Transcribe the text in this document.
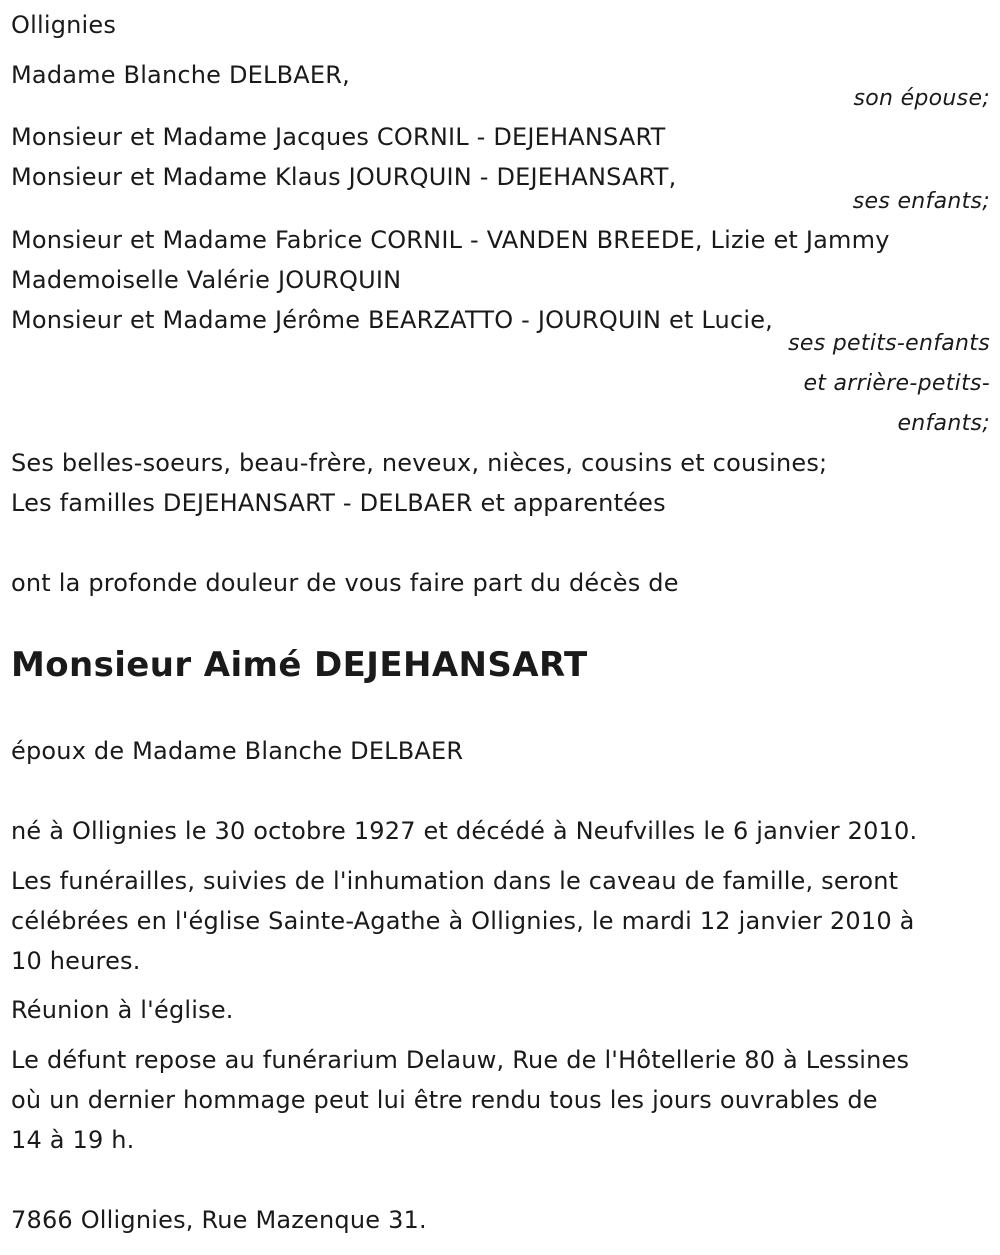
Ollignies
Madame Blanche DELBAER,
son épouse;
Monsieur et Madame Jacques CORNIL - DEJEHANSART
Monsieur et Madame Klaus JOURQUIN - DEJEHANSART,
ses enfants;
Monsieur et Madame Fabrice CORNIL - VANDEN BREEDE, Lizie et Jammy
Mademoiselle Valérie JOURQUIN
Monsieur et Madame Jérôme BEARZATTO - JOURQUIN et Lucie,
ses petits-enfants
et arrière-petits-
enfants;
Ses belles-soeurs, beau-frère, neveux, nièces, cousins et cousines;
Les familles DEJEHANSART - DELBAER et apparentées
ont la profonde douleur de vous faire part du décès de
Monsieur Aimé DEJEHANSART
époux de Madame Blanche DELBAER
né à Ollignies le 30 octobre 1927 et décédé à Neufvilles le 6 janvier 2010.
Les funérailles, suivies de l'inhumation dans le caveau de famille, seront
célébrées en l'église Sainte-Agathe à Ollignies, le mardi 12 janvier 2010 à
10 heures.
Réunion à l'église.
Le défunt repose au funérarium Delauw, Rue de l'Hôtellerie 80 à Lessines
où un dernier hommage peut lui être rendu tous les jours ouvrables de
14 à 19 h.
7866 Ollignies, Rue Mazenque 31.
